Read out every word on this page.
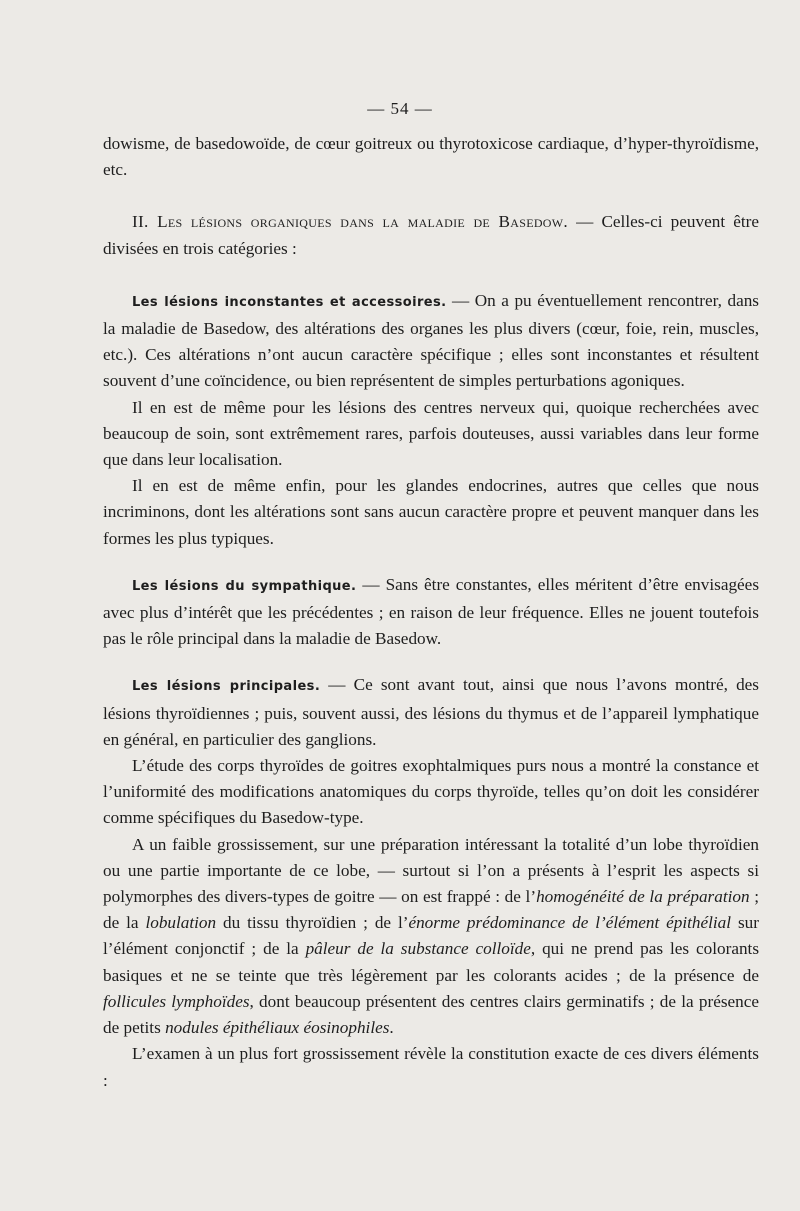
— 54 —

dowisme, de basedowoïde, de cœur goitreux ou thyrotoxicose cardiaque, d’hyper-thyroïdisme, etc.

II. Les lésions organiques dans la maladie de Basedow. — Celles-ci peuvent être divisées en trois catégories :

Les lésions inconstantes et accessoires. — On a pu éventuellement rencontrer, dans la maladie de Basedow, des altérations des organes les plus divers (cœur, foie, rein, muscles, etc.). Ces altérations n’ont aucun caractère spécifique ; elles sont inconstantes et résultent souvent d’une coïncidence, ou bien représentent de simples perturbations agoniques.

Il en est de même pour les lésions des centres nerveux qui, quoique recherchées avec beaucoup de soin, sont extrêmement rares, parfois douteuses, aussi variables dans leur forme que dans leur localisation.

Il en est de même enfin, pour les glandes endocrines, autres que celles que nous incriminons, dont les altérations sont sans aucun caractère propre et peuvent manquer dans les formes les plus typiques.

Les lésions du sympathique. — Sans être constantes, elles méritent d’être envisagées avec plus d’intérêt que les précédentes ; en raison de leur fréquence. Elles ne jouent toutefois pas le rôle principal dans la maladie de Basedow.

Les lésions principales. — Ce sont avant tout, ainsi que nous l’avons montré, des lésions thyroïdiennes ; puis, souvent aussi, des lésions du thymus et de l’appareil lymphatique en général, en particulier des ganglions.

L’étude des corps thyroïdes de goitres exophtalmiques purs nous a montré la constance et l’uniformité des modifications anatomiques du corps thyroïde, telles qu’on doit les considérer comme spécifiques du Basedow-type.

A un faible grossissement, sur une préparation intéressant la totalité d’un lobe thyroïdien ou une partie importante de ce lobe, — surtout si l’on a présents à l’esprit les aspects si polymorphes des divers-types de goitre — on est frappé : de l’homogénéité de la préparation ; de la lobulation du tissu thyroïdien ; de l’énorme prédominance de l’élément épithélial sur l’élément conjonctif ; de la pâleur de la substance colloïde, qui ne prend pas les colorants basiques et ne se teinte que très légèrement par les colorants acides ; de la présence de follicules lymphoïdes, dont beaucoup présentent des centres clairs germinatifs ; de la présence de petits nodules épithéliaux éosinophiles.

L’examen à un plus fort grossissement révèle la constitution exacte de ces divers éléments :
